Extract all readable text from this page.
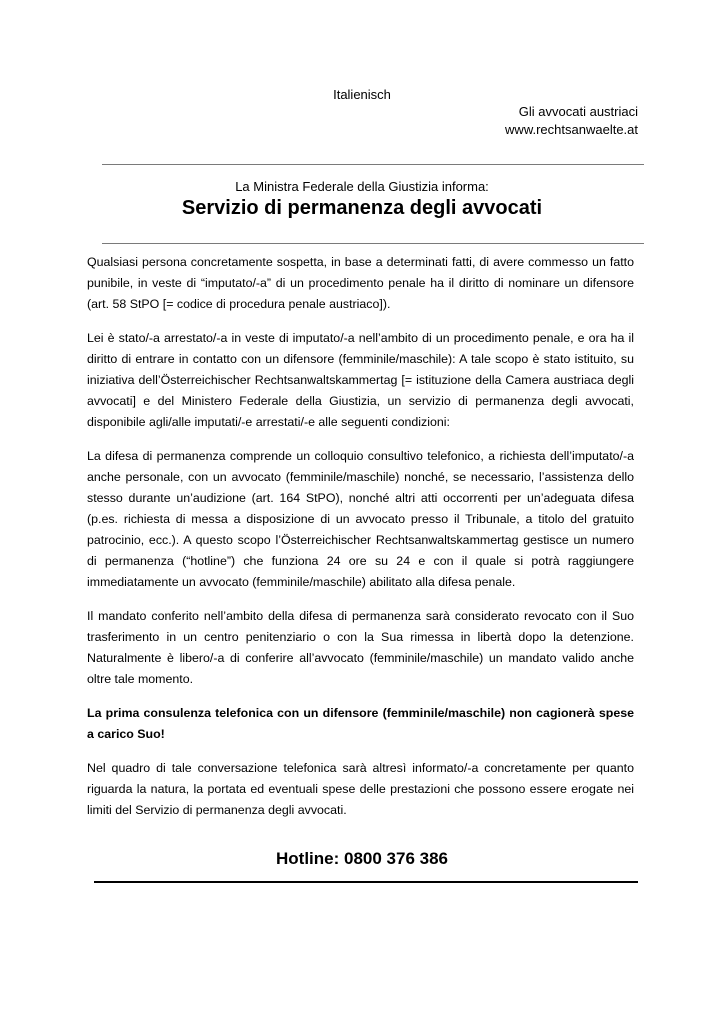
Italienisch
Gli avvocati austriaci
www.rechtsanwaelte.at
La Ministra Federale della Giustizia informa:
Servizio di permanenza degli avvocati

Qualsiasi persona concretamente sospetta, in base a determinati fatti, di avere commesso un fatto punibile, in veste di “imputato/-a” di un procedimento penale ha il diritto di nominare un difensore (art. 58 StPO [= codice di procedura penale austriaco]).

Lei è stato/-a arrestato/-a in veste di imputato/-a nell’ambito di un procedimento penale, e ora ha il diritto di entrare in contatto con un difensore (femminile/maschile): A tale scopo è stato istituito, su iniziativa dell’Österreichischer Rechtsanwaltskammertag [= istituzione della Camera austriaca degli avvocati] e del Ministero Federale della Giustizia, un servizio di permanenza degli avvocati, disponibile agli/alle imputati/-e arrestati/-e alle seguenti condizioni:

La difesa di permanenza comprende un colloquio consultivo telefonico, a richiesta dell’imputato/-a anche personale, con un avvocato (femminile/maschile) nonché, se necessario, l’assistenza dello stesso durante un’audizione (art. 164 StPO), nonché altri atti occorrenti per un’adeguata difesa (p.es. richiesta di messa a disposizione di un avvocato presso il Tribunale, a titolo del gratuito patrocinio, ecc.). A questo scopo l’Österreichischer Rechtsanwaltskammertag gestisce un numero di permanenza (“hotline”) che funziona 24 ore su 24 e con il quale si potrà raggiungere immediatamente un avvocato (femminile/maschile) abilitato alla difesa penale.

Il mandato conferito nell’ambito della difesa di permanenza sarà considerato revocato con il Suo trasferimento in un centro penitenziario o con la Sua rimessa in libertà dopo la detenzione. Naturalmente è libero/-a di conferire all’avvocato (femminile/maschile) un mandato valido anche oltre tale momento.

La prima consulenza telefonica con un difensore (femminile/maschile) non cagionerà spese a carico Suo!

Nel quadro di tale conversazione telefonica sarà altresì informato/-a concretamente per quanto riguarda la natura, la portata ed eventuali spese delle prestazioni che possono essere erogate nei limiti del Servizio di permanenza degli avvocati.

Hotline: 0800 376 386
